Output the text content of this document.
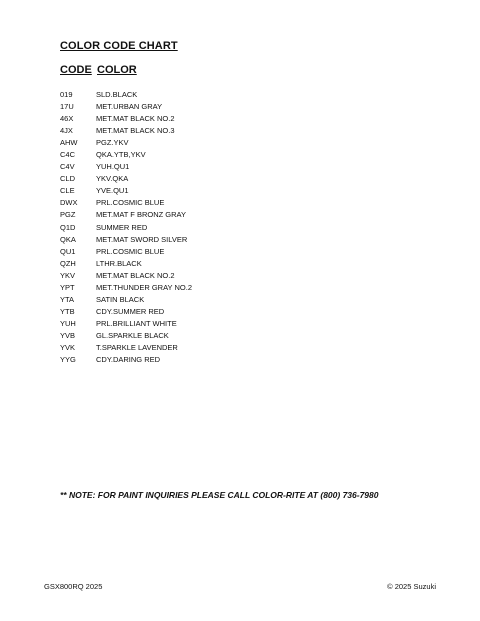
COLOR CODE CHART
CODE COLOR
019	SLD.BLACK
17U	MET.URBAN GRAY
46X	MET.MAT BLACK NO.2
4JX	MET.MAT BLACK NO.3
AHW	PGZ.YKV
C4C	QKA.YTB,YKV
C4V	YUH.QU1
CLD	YKV.QKA
CLE	YVE.QU1
DWX	PRL.COSMIC BLUE
PGZ	MET.MAT F BRONZ GRAY
Q1D	SUMMER RED
QKA	MET.MAT SWORD SILVER
QU1	PRL.COSMIC BLUE
QZH	LTHR.BLACK
YKV	MET.MAT BLACK NO.2
YPT	MET.THUNDER GRAY NO.2
YTA	SATIN BLACK
YTB	CDY.SUMMER RED
YUH	PRL.BRILLIANT WHITE
YVB	GL.SPARKLE BLACK
YVK	T.SPARKLE LAVENDER
YYG	CDY.DARING RED
** NOTE: FOR PAINT INQUIRIES PLEASE CALL COLOR-RITE AT (800) 736-7980
GSX800RQ 2025	© 2025 Suzuki
